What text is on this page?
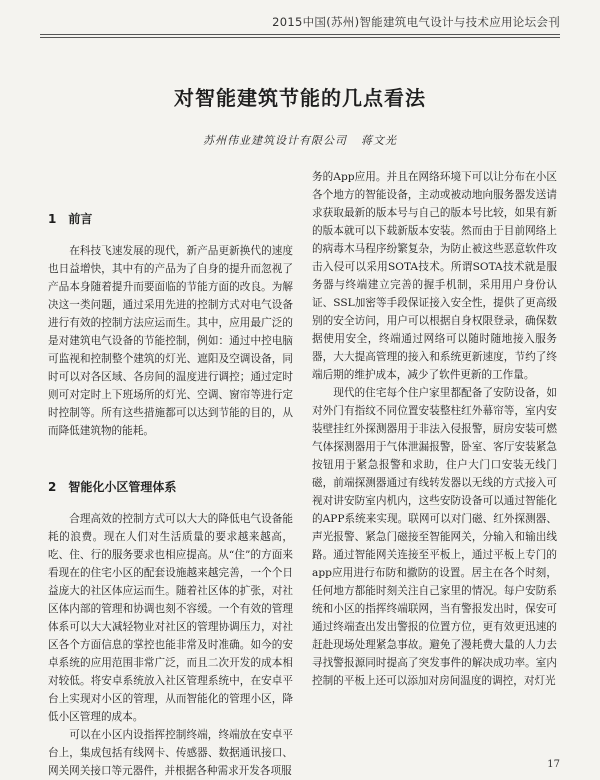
2015中国(苏州)智能建筑电气设计与技术应用论坛会刊
对智能建筑节能的几点看法
苏州伟业建筑设计有限公司 蒋文光
1 前言

在科技飞速发展的现代，新产品更新换代的速度也日益增快，其中有的产品为了自身的提升而忽视了产品本身随着提升而要面临的节能方面的改良。为解决这一类问题，通过采用先进的控制方式对电气设备进行有效的控制方法应运而生。其中，应用最广泛的是对建筑电气设备的节能控制，例如：通过中控电脑可监视和控制整个建筑的灯光、遮阳及空调设备，同时可以对各区域、各房间的温度进行调控；通过定时则可对定时上下班场所的灯光、空调、窗帘等进行定时控制等。所有这些措施都可以达到节能的目的，从而降低建筑物的能耗。

2 智能化小区管理体系

合理高效的控制方式可以大大的降低电气设备能耗的浪费。现在人们对生活质量的要求越来越高，吃、住、行的服务要求也相应提高。从“住”的方面来看现在的住宅小区的配套设施越来越完善，一个个日益庞大的社区体应运而生。随着社区体的扩张，对社区体内部的管理和协调也刻不容缓。一个有效的管理体系可以大大减轻物业对社区的管理协调压力，对社区各个方面信息的掌控也能非常及时准确。如今的安卓系统的应用范围非常广泛，而且二次开发的成本相对较低。将安卓系统放入社区管理系统中，在安卓平台上实现对小区的管理，从而智能化的管理小区，降低小区管理的成本。

可以在小区内设指挥控制终端，终端放在安卓平台上，集成包括有线网卡、传感器、数据通讯接口、网关网关接口等元器件，并根据各种需求开发各项服

务的App应用。并且在网络环境下可以让分布在小区各个地方的智能设备，主动或被动地向服务器发送请求获取最新的版本号与自己的版本号比较，如果有新的版本就可以下载新版本安装。然而由于目前网络上的病毒木马程序纷繁复杂，为防止被这些恶意软件攻击入侵可以采用SOTA技术。所谓SOTA技术就是服务器与终端建立完善的握手机制，采用用户身份认证、SSL加密等手段保证接入安全性，提供了更高级别的安全访问，用户可以根据自身权限登录，确保数据使用安全，终端通过网络可以随时随地接入服务器，大大提高管理的接入和系统更新速度，节约了终端后期的维护成本，减少了软件更新的工作量。

现代的住宅每个住户家里都配备了安防设备，如对外门有指纹不同位置安装整柱红外幕帘等，室内安装壁挂红外探测器用于非法入侵报警，厨房安装可燃气体探测器用于气体泄漏报警，卧室、客厅安装紧急按钮用于紧急报警和求助，住户大门口安装无线门磁，前端探测器通过有线转发器以无线的方式接入可视对讲安防室内机内，这些安防设备可以通过智能化的APP系统来实现。联网可以对门磁、红外探测器、声光报警、紧急门磁接至智能网关，分输入和输出线路。通过智能网关连接至平板上，通过平板上专门的app应用进行布防和撤防的设置。居主在各个时刻，任何地方都能时刻关注自己家里的情况。每户安防系统和小区的指挥终端联网，当有警报发出时，保安可通过终端查出发出警报的位置方位，更有效更迅速的赶赴现场处理紧急事故。避免了漫耗费大量的人力去寻找警报源同时提高了突发事件的解决成功率。室内控制的平板上还可以添加对房间温度的调控，对灯光

17
